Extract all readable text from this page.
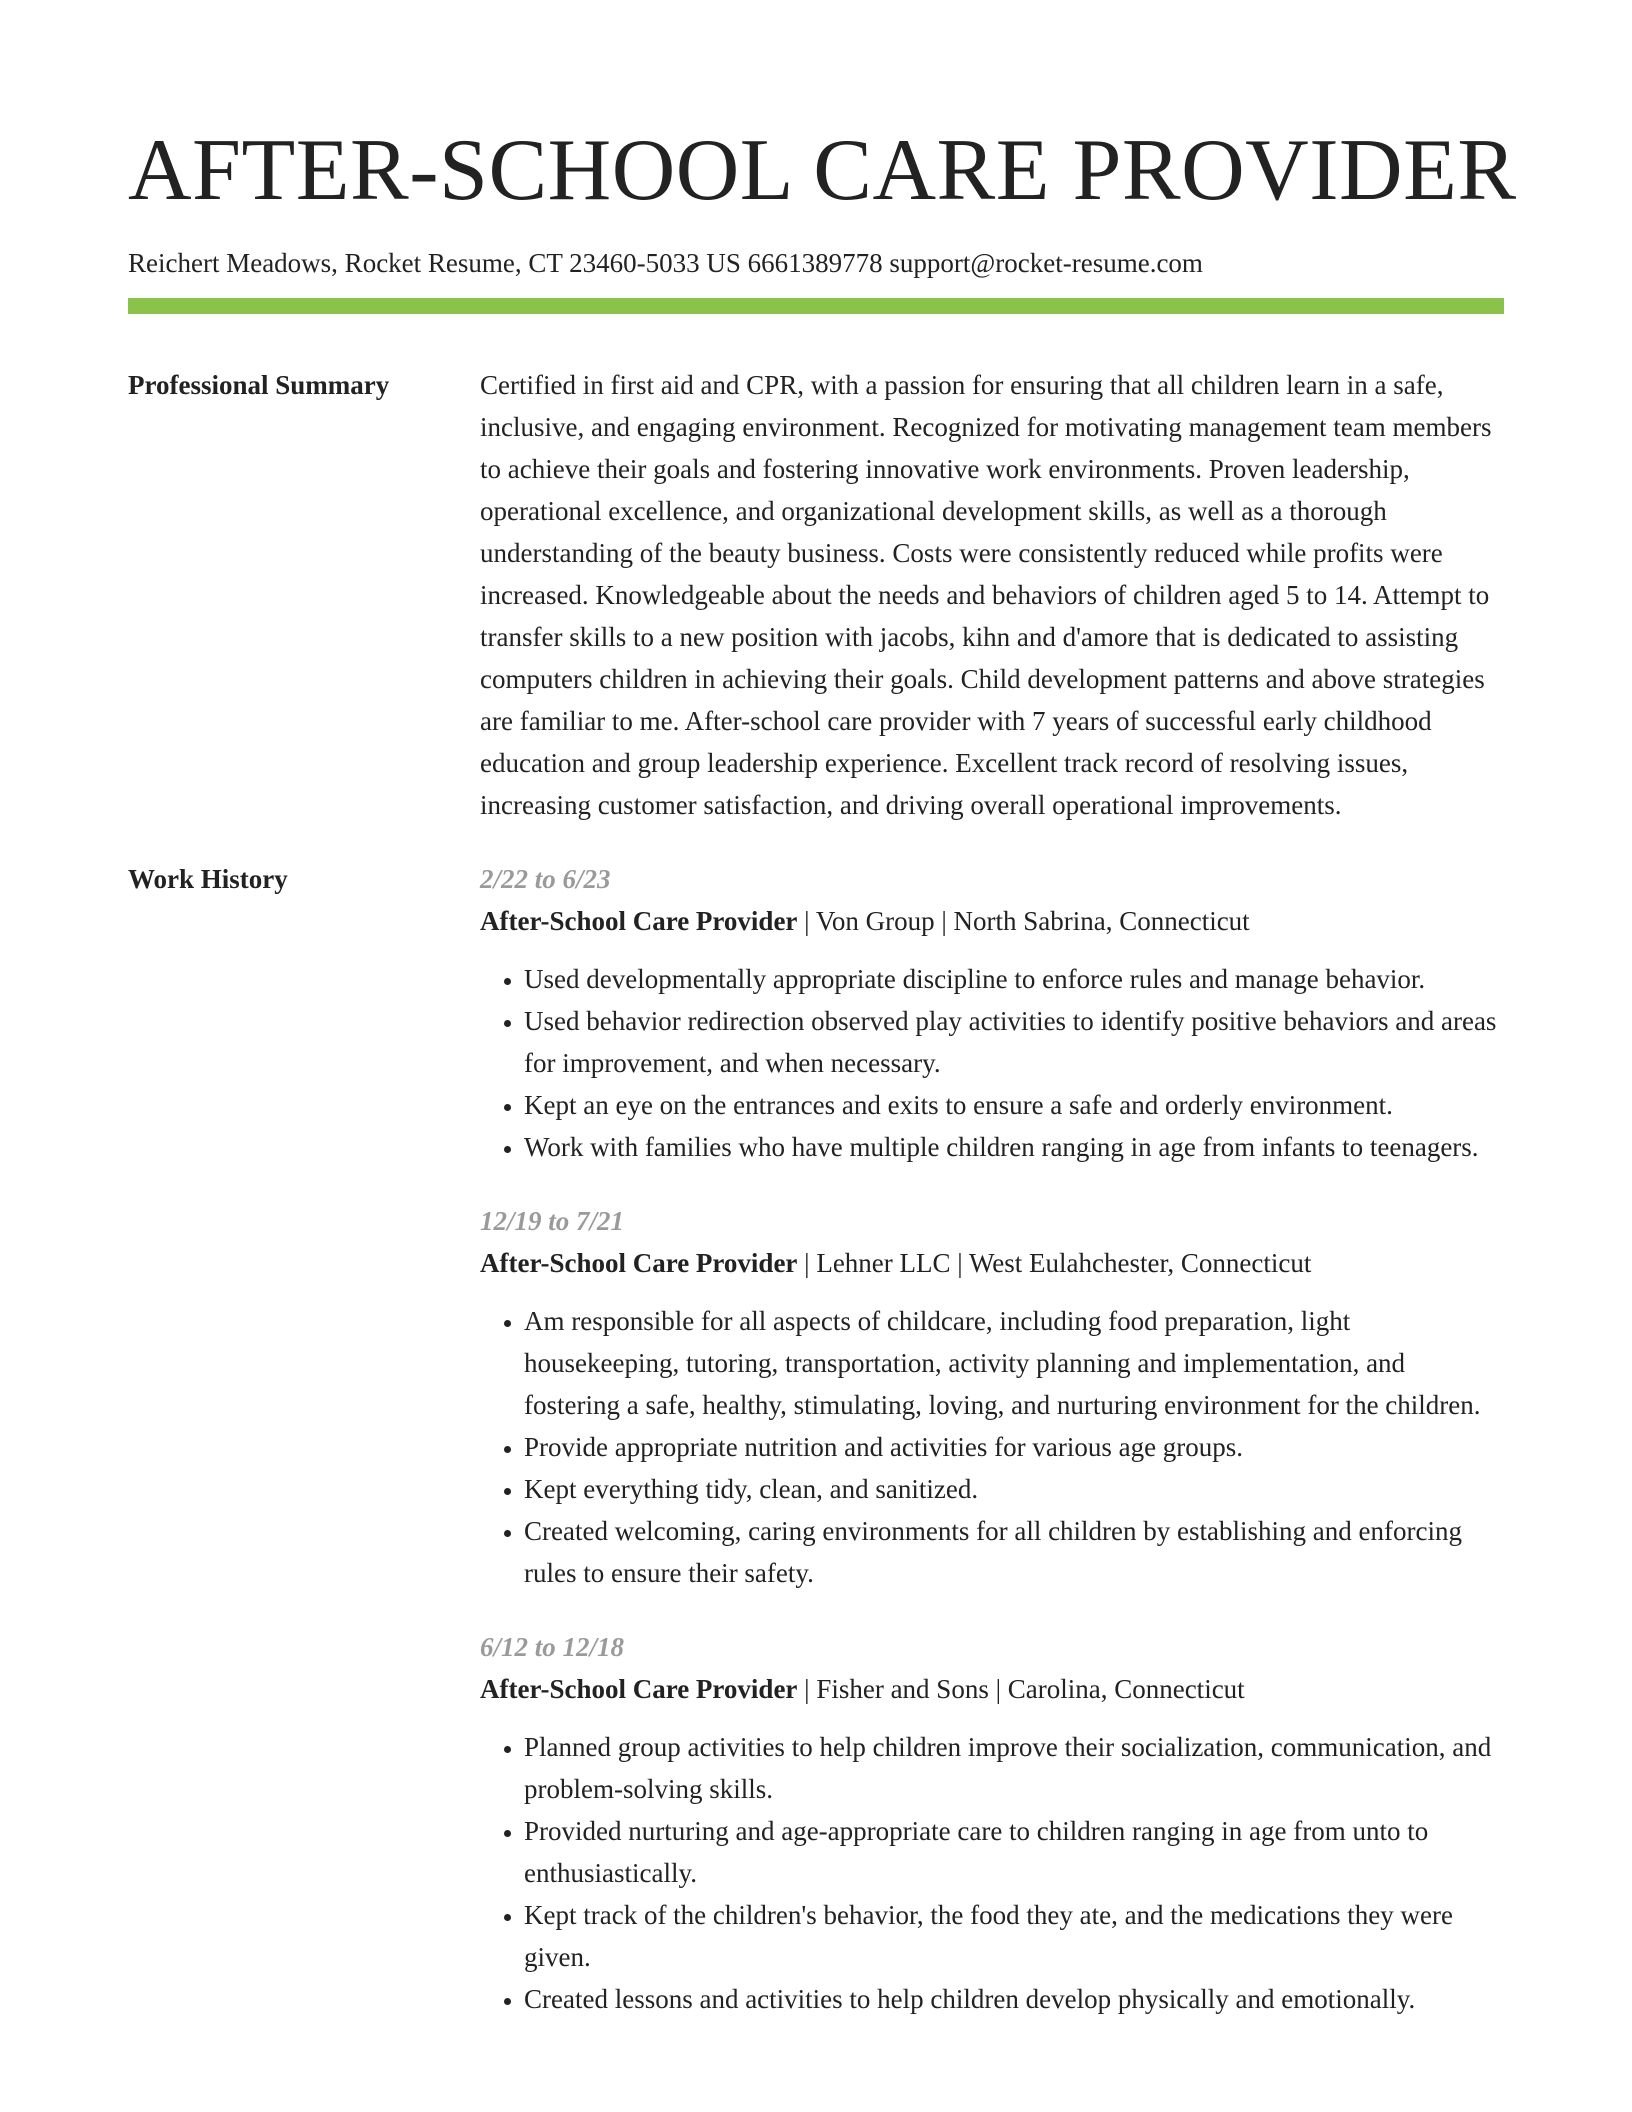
AFTER-SCHOOL CARE PROVIDER
Reichert Meadows, Rocket Resume, CT 23460-5033 US 6661389778 support@rocket-resume.com
Professional Summary	Certified in first aid and CPR, with a passion for ensuring that all children learn in a safe, inclusive, and engaging environment. Recognized for motivating management team members to achieve their goals and fostering innovative work environments. Proven leadership, operational excellence, and organizational development skills, as well as a thorough understanding of the beauty business. Costs were consistently reduced while profits were increased. Knowledgeable about the needs and behaviors of children aged 5 to 14. Attempt to transfer skills to a new position with jacobs, kihn and d'amore that is dedicated to assisting computers children in achieving their goals. Child development patterns and above strategies are familiar to me. After-school care provider with 7 years of successful early childhood education and group leadership experience. Excellent track record of resolving issues, increasing customer satisfaction, and driving overall operational improvements.

Work History	2/22 to 6/23
After-School Care Provider | Von Group | North Sabrina, Connecticut
• Used developmentally appropriate discipline to enforce rules and manage behavior.
• Used behavior redirection observed play activities to identify positive behaviors and areas for improvement, and when necessary.
• Kept an eye on the entrances and exits to ensure a safe and orderly environment.
• Work with families who have multiple children ranging in age from infants to teenagers.
12/19 to 7/21
After-School Care Provider | Lehner LLC | West Eulahchester, Connecticut
• Am responsible for all aspects of childcare, including food preparation, light housekeeping, tutoring, transportation, activity planning and implementation, and fostering a safe, healthy, stimulating, loving, and nurturing environment for the children.
• Provide appropriate nutrition and activities for various age groups.
• Kept everything tidy, clean, and sanitized.
• Created welcoming, caring environments for all children by establishing and enforcing rules to ensure their safety.
6/12 to 12/18
After-School Care Provider | Fisher and Sons | Carolina, Connecticut
• Planned group activities to help children improve their socialization, communication, and problem-solving skills.
• Provided nurturing and age-appropriate care to children ranging in age from unto to enthusiastically.
• Kept track of the children's behavior, the food they ate, and the medications they were given.
• Created lessons and activities to help children develop physically and emotionally.
